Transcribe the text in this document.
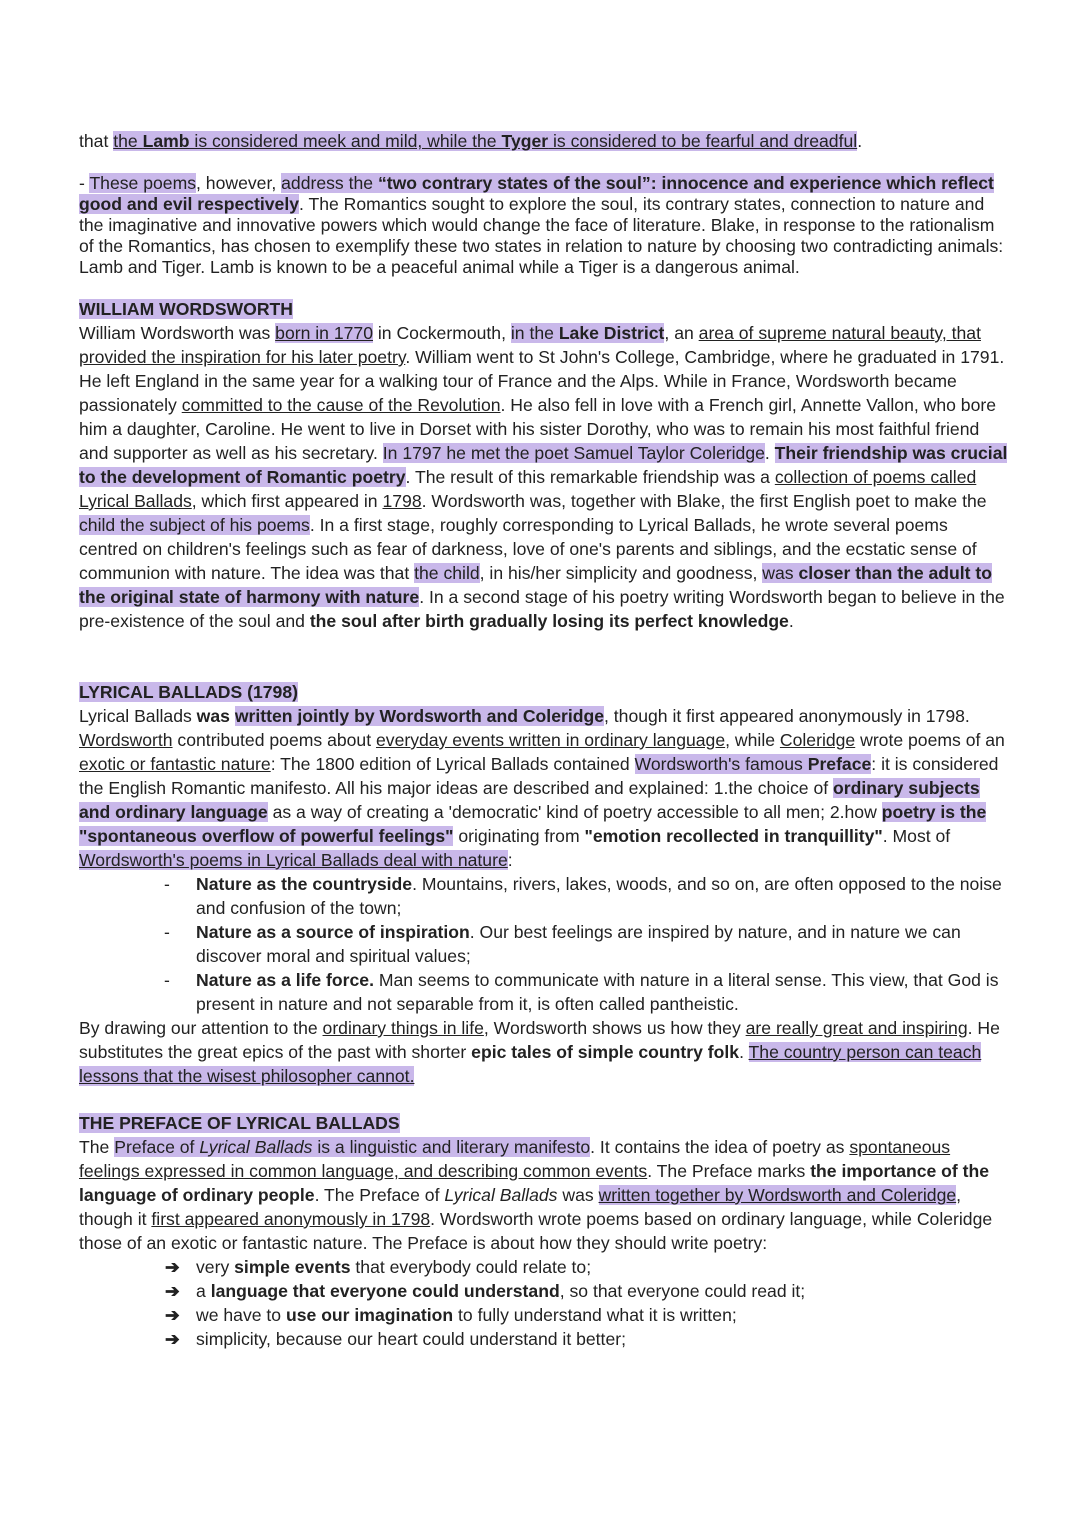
that the Lamb is considered meek and mild, while the Tyger is considered to be fearful and dreadful.

- These poems, however, address the “two contrary states of the soul”: innocence and experience which reflect good and evil respectively. The Romantics sought to explore the soul, its contrary states, connection to nature and the imaginative and innovative powers which would change the face of literature. Blake, in response to the rationalism of the Romantics, has chosen to exemplify these two states in relation to nature by choosing two contradicting animals: Lamb and Tiger. Lamb is known to be a peaceful animal while a Tiger is a dangerous animal.

WILLIAM WORDSWORTH

William Wordsworth was born in 1770 in Cockermouth, in the Lake District, an area of supreme natural beauty, that provided the inspiration for his later poetry. William went to St John's College, Cambridge, where he graduated in 1791. He left England in the same year for a walking tour of France and the Alps. While in France, Wordsworth became passionately committed to the cause of the Revolution. He also fell in love with a French girl, Annette Vallon, who bore him a daughter, Caroline. He went to live in Dorset with his sister Dorothy, who was to remain his most faithful friend and supporter as well as his secretary. In 1797 he met the poet Samuel Taylor Coleridge. Their friendship was crucial to the development of Romantic poetry. The result of this remarkable friendship was a collection of poems called Lyrical Ballads, which first appeared in 1798. Wordsworth was, together with Blake, the first English poet to make the child the subject of his poems. In a first stage, roughly corresponding to Lyrical Ballads, he wrote several poems centred on children's feelings such as fear of darkness, love of one's parents and siblings, and the ecstatic sense of communion with nature. The idea was that the child, in his/her simplicity and goodness, was closer than the adult to the original state of harmony with nature. In a second stage of his poetry writing Wordsworth began to believe in the pre-existence of the soul and the soul after birth gradually losing its perfect knowledge.

LYRICAL BALLADS (1798)

Lyrical Ballads was written jointly by Wordsworth and Coleridge, though it first appeared anonymously in 1798. Wordsworth contributed poems about everyday events written in ordinary language, while Coleridge wrote poems of an exotic or fantastic nature: The 1800 edition of Lyrical Ballads contained Wordsworth's famous Preface: it is considered the English Romantic manifesto. All his major ideas are described and explained: 1.the choice of ordinary subjects and ordinary language as a way of creating a 'democratic' kind of poetry accessible to all men; 2.how poetry is the "spontaneous overflow of powerful feelings" originating from "emotion recollected in tranquillity". Most of Wordsworth's poems in Lyrical Ballads deal with nature:

- Nature as the countryside. Mountains, rivers, lakes, woods, and so on, are often opposed to the noise and confusion of the town;
- Nature as a source of inspiration. Our best feelings are inspired by nature, and in nature we can discover moral and spiritual values;
- Nature as a life force. Man seems to communicate with nature in a literal sense. This view, that God is present in nature and not separable from it, is often called pantheistic.

By drawing our attention to the ordinary things in life, Wordsworth shows us how they are really great and inspiring. He substitutes the great epics of the past with shorter epic tales of simple country folk. The country person can teach lessons that the wisest philosopher cannot.

THE PREFACE OF LYRICAL BALLADS

The Preface of Lyrical Ballads is a linguistic and literary manifesto. It contains the idea of poetry as spontaneous feelings expressed in common language, and describing common events. The Preface marks the importance of the language of ordinary people. The Preface of Lyrical Ballads was written together by Wordsworth and Coleridge, though it first appeared anonymously in 1798. Wordsworth wrote poems based on ordinary language, while Coleridge those of an exotic or fantastic nature. The Preface is about how they should write poetry:

➔ very simple events that everybody could relate to;
➔ a language that everyone could understand, so that everyone could read it;
➔ we have to use our imagination to fully understand what it is written;
➔ simplicity, because our heart could understand it better;
